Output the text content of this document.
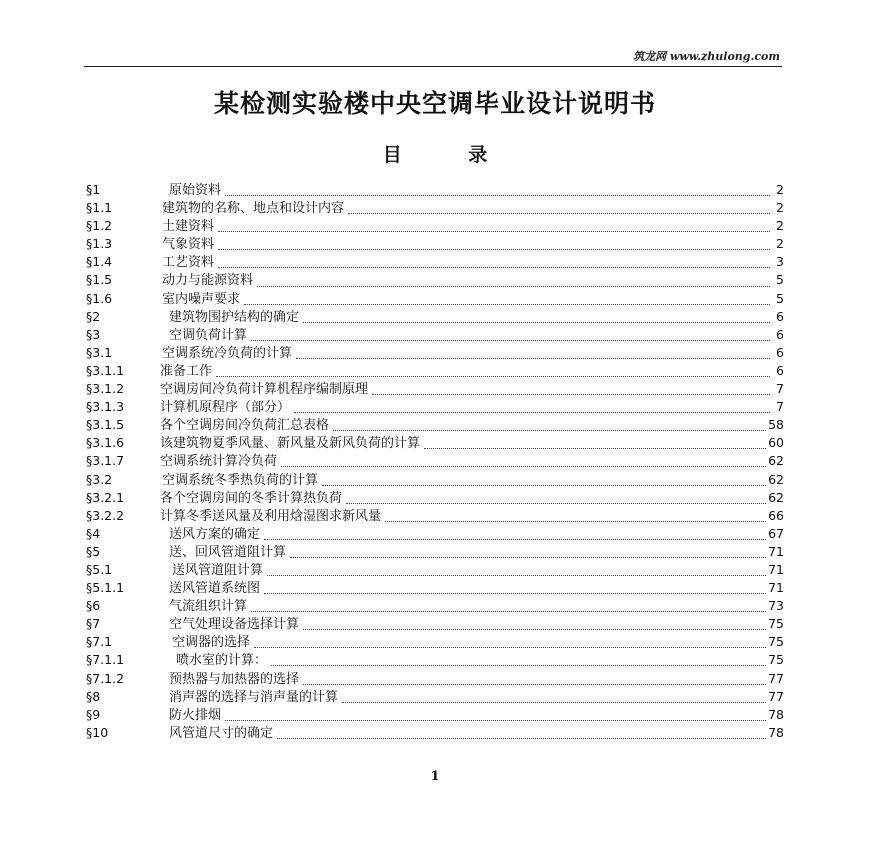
筑龙网 www.zhulong.com
某检测实验楼中央空调毕业设计说明书
目 录
§1	原始资料	2
§1.1	建筑物的名称、地点和设计内容	2
§1.2	土建资料	2
§1.3	气象资料	2
§1.4	工艺资料	3
§1.5	动力与能源资料	5
§1.6	室内噪声要求	5
§2	建筑物围护结构的确定	6
§3	空调负荷计算	6
§3.1	空调系统冷负荷的计算	6
§3.1.1	准备工作	6
§3.1.2	空调房间冷负荷计算机程序编制原理	7
§3.1.3	计算机原程序（部分）	7
§3.1.5	各个空调房间冷负荷汇总表格	58
§3.1.6	该建筑物夏季风量、新风量及新风负荷的计算	60
§3.1.7	空调系统计算冷负荷	62
§3.2	空调系统冬季热负荷的计算	62
§3.2.1	各个空调房间的冬季计算热负荷	62
§3.2.2	计算冬季送风量及利用焓湿图求新风量	66
§4	送风方案的确定	67
§5	送、回风管道阻计算	71
§5.1	送风管道阻计算	71
§5.1.1	送风管道系统图	71
§6	气流组织计算	73
§7	空气处理设备选择计算	75
§7.1	空调器的选择	75
§7.1.1	喷水室的计算：	75
§7.1.2	预热器与加热器的选择	77
§8	消声器的选择与消声量的计算	77
§9	防火排烟	78
§10	风管道尺寸的确定	78
1
